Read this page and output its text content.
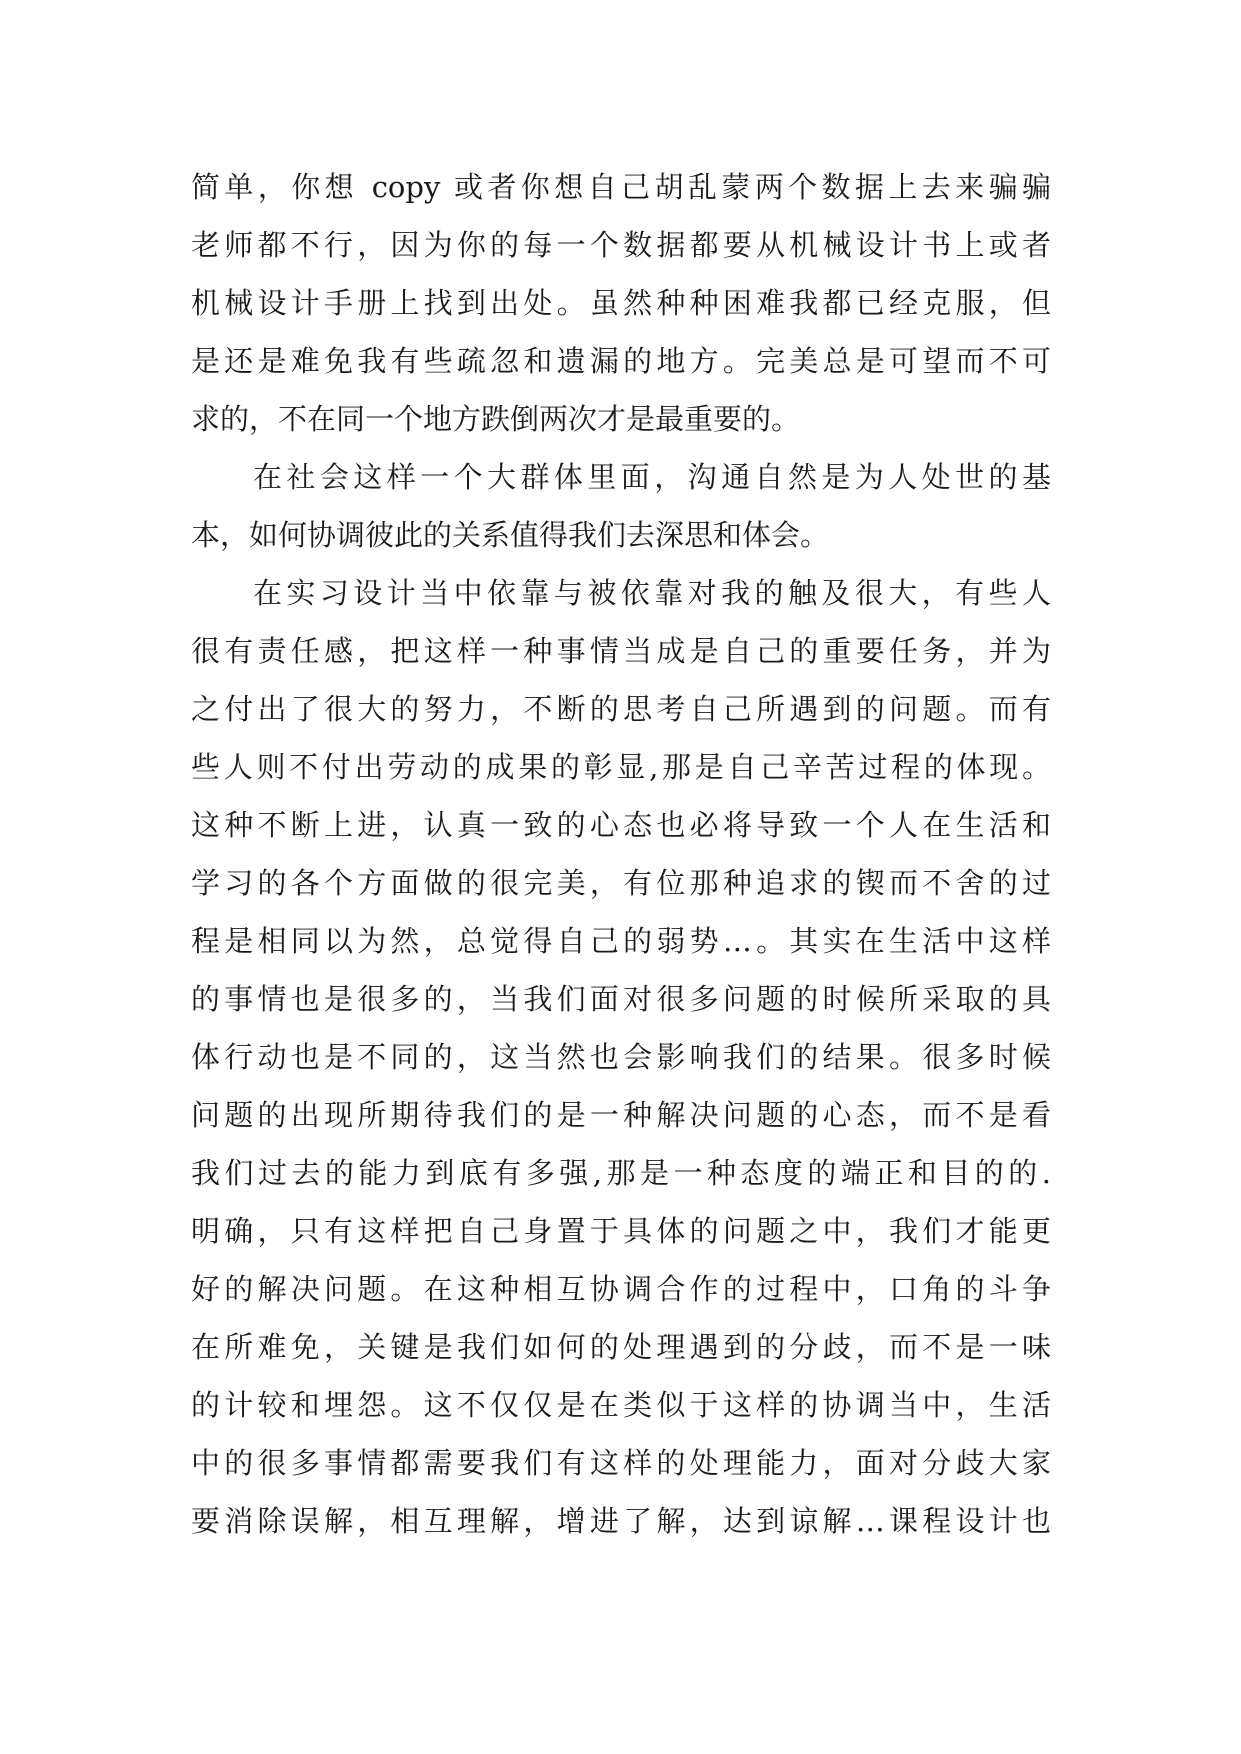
简单，你想 copy 或者你想自己胡乱蒙两个数据上去来骗骗
老师都不行，因为你的每一个数据都要从机械设计书上或者
机械设计手册上找到出处。虽然种种困难我都已经克服，但
是还是难免我有些疏忽和遗漏的地方。完美总是可望而不可
求的，不在同一个地方跌倒两次才是最重要的。
在社会这样一个大群体里面，沟通自然是为人处世的基
本，如何协调彼此的关系值得我们去深思和体会。
在实习设计当中依靠与被依靠对我的触及很大，有些人
很有责任感，把这样一种事情当成是自己的重要任务，并为
之付出了很大的努力，不断的思考自己所遇到的问题。而有
些人则不付出劳动的成果的彰显,那是自己辛苦过程的体现。
这种不断上进，认真一致的心态也必将导致一个人在生活和
学习的各个方面做的很完美，有位那种追求的锲而不舍的过
程是相同以为然，总觉得自己的弱势…。其实在生活中这样
的事情也是很多的，当我们面对很多问题的时候所采取的具
体行动也是不同的，这当然也会影响我们的结果。很多时候
问题的出现所期待我们的是一种解决问题的心态，而不是看
我们过去的能力到底有多强,那是一种态度的端正和目的的.
明确，只有这样把自己身置于具体的问题之中，我们才能更
好的解决问题。在这种相互协调合作的过程中，口角的斗争
在所难免，关键是我们如何的处理遇到的分歧，而不是一味
的计较和埋怨。这不仅仅是在类似于这样的协调当中，生活
中的很多事情都需要我们有这样的处理能力，面对分歧大家
要消除误解，相互理解，增进了解，达到谅解…课程设计也
